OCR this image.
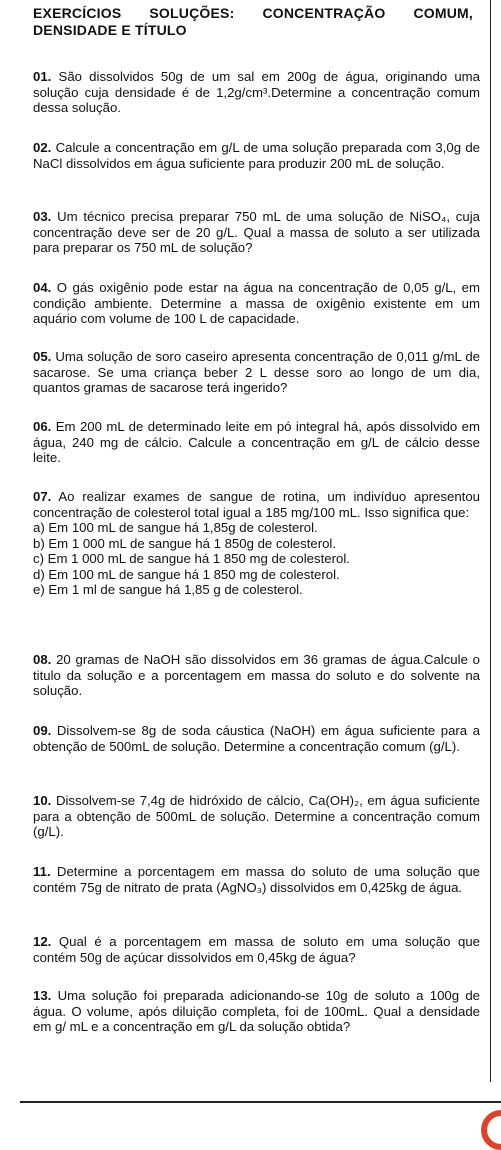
EXERCÍCIOS SOLUÇÕES: CONCENTRAÇÃO COMUM, DENSIDADE E TÍTULO

01. São dissolvidos 50g de um sal em 200g de água, originando uma solução cuja densidade é de 1,2g/cm³.Determine a concentração comum dessa solução.

02. Calcule a concentração em g/L de uma solução preparada com 3,0g de NaCl dissolvidos em água suficiente para produzir 200 mL de solução.

03. Um técnico precisa preparar 750 mL de uma solução de NiSO₄, cuja concentração deve ser de 20 g/L. Qual a massa de soluto a ser utilizada para preparar os 750 mL de solução?

04. O gás oxigênio pode estar na água na concentração de 0,05 g/L, em condição ambiente. Determine a massa de oxigênio existente em um aquário com volume de 100 L de capacidade.

05. Uma solução de soro caseiro apresenta concentração de 0,011 g/mL de sacarose. Se uma criança beber 2 L desse soro ao longo de um dia, quantos gramas de sacarose terá ingerido?

06. Em 200 mL de determinado leite em pó integral há, após dissolvido em água, 240 mg de cálcio. Calcule a concentração em g/L de cálcio desse leite.

07. Ao realizar exames de sangue de rotina, um indivíduo apresentou concentração de colesterol total igual a 185 mg/100 mL. Isso significa que:

a) Em 100 mL de sangue há 1,85g de colesterol.

b) Em 1 000 mL de sangue há 1 850g de colesterol.

c) Em 1 000 mL de sangue há 1 850 mg de colesterol.

d) Em 100 mL de sangue há 1 850 mg de colesterol.

e) Em 1 ml de sangue há 1,85 g de colesterol.

08. 20 gramas de NaOH são dissolvidos em 36 gramas de água.Calcule o titulo da solução e a porcentagem em massa do soluto e do solvente na solução.

09. Dissolvem-se 8g de soda cáustica (NaOH) em água suficiente para a obtenção de 500mL de solução. Determine a concentração comum (g/L).

10. Dissolvem-se 7,4g de hidróxido de cálcio, Ca(OH)₂, em água suficiente para a obtenção de 500mL de solução. Determine a concentração comum (g/L).

11. Determine a porcentagem em massa do soluto de uma solução que contém 75g de nitrato de prata (AgNO₃) dissolvidos em 0,425kg de água.

12. Qual é a porcentagem em massa de soluto em uma solução que contém 50g de açúcar dissolvidos em 0,45kg de água?

13. Uma solução foi preparada adicionando-se 10g de soluto a 100g de água. O volume, após diluição completa, foi de 100mL. Qual a densidade em g/ mL e a concentração em g/L da solução obtida?
